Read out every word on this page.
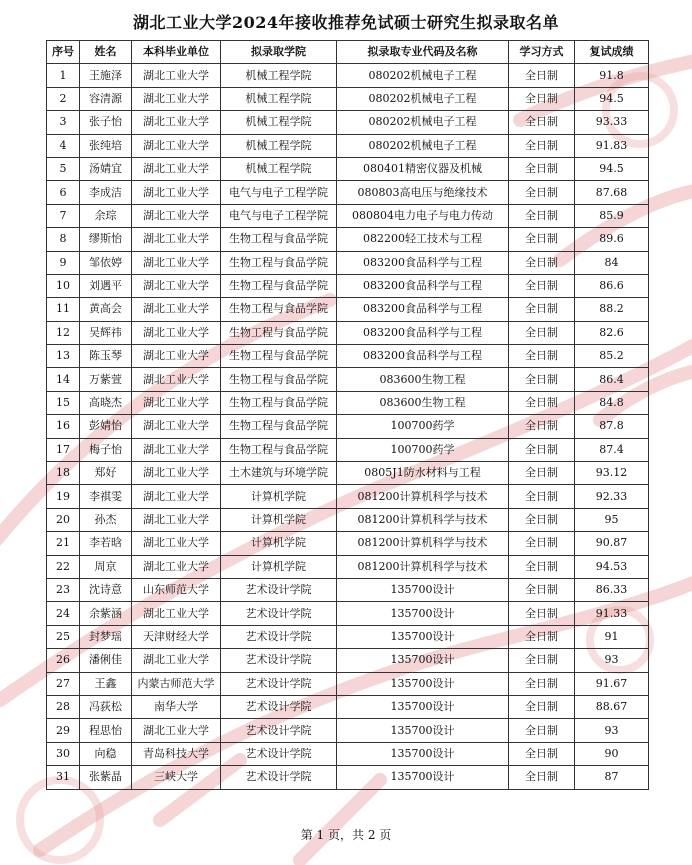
湖北工业大学2024年接收推荐免试硕士研究生拟录取名单
序号	姓名	本科毕业单位	拟录取学院	拟录取专业代码及名称	学习方式	复试成绩
1	王施泽	湖北工业大学	机械工程学院	080202机械电子工程	全日制	91.8
2	容清源	湖北工业大学	机械工程学院	080202机械电子工程	全日制	94.5
3	张子怡	湖北工业大学	机械工程学院	080202机械电子工程	全日制	93.33
4	张纯培	湖北工业大学	机械工程学院	080202机械电子工程	全日制	91.83
5	汤婧宜	湖北工业大学	机械工程学院	080401精密仪器及机械	全日制	94.5
6	李成洁	湖北工业大学	电气与电子工程学院	080803高电压与绝缘技术	全日制	87.68
7	余琮	湖北工业大学	电气与电子工程学院	080804电力电子与电力传动	全日制	85.9
8	缪斯怡	湖北工业大学	生物工程与食品学院	082200轻工技术与工程	全日制	89.6
9	邹依婷	湖北工业大学	生物工程与食品学院	083200食品科学与工程	全日制	84
10	刘遇平	湖北工业大学	生物工程与食品学院	083200食品科学与工程	全日制	86.6
11	黄高会	湖北工业大学	生物工程与食品学院	083200食品科学与工程	全日制	88.2
12	吴辉祎	湖北工业大学	生物工程与食品学院	083200食品科学与工程	全日制	82.6
13	陈玉琴	湖北工业大学	生物工程与食品学院	083200食品科学与工程	全日制	85.2
14	万紫萱	湖北工业大学	生物工程与食品学院	083600生物工程	全日制	86.4
15	高晓杰	湖北工业大学	生物工程与食品学院	083600生物工程	全日制	84.8
16	彭婧怡	湖北工业大学	生物工程与食品学院	100700药学	全日制	87.8
17	梅子怡	湖北工业大学	生物工程与食品学院	100700药学	全日制	87.4
18	郑好	湖北工业大学	土木建筑与环境学院	0805J1防水材料与工程	全日制	93.12
19	李祺雯	湖北工业大学	计算机学院	081200计算机科学与技术	全日制	92.33
20	孙杰	湖北工业大学	计算机学院	081200计算机科学与技术	全日制	95
21	李若晗	湖北工业大学	计算机学院	081200计算机科学与技术	全日制	90.87
22	周京	湖北工业大学	计算机学院	081200计算机科学与技术	全日制	94.53
23	沈诗意	山东师范大学	艺术设计学院	135700设计	全日制	86.33
24	余紫涵	湖北工业大学	艺术设计学院	135700设计	全日制	91.33
25	封梦瑶	天津财经大学	艺术设计学院	135700设计	全日制	91
26	潘俐佳	湖北工业大学	艺术设计学院	135700设计	全日制	93
27	王鑫	内蒙古师范大学	艺术设计学院	135700设计	全日制	91.67
28	冯荻松	南华大学	艺术设计学院	135700设计	全日制	88.67
29	程思怡	湖北工业大学	艺术设计学院	135700设计	全日制	93
30	向稳	青岛科技大学	艺术设计学院	135700设计	全日制	90
31	张紫晶	三峡大学	艺术设计学院	135700设计	全日制	87
第 1 页，共 2 页
